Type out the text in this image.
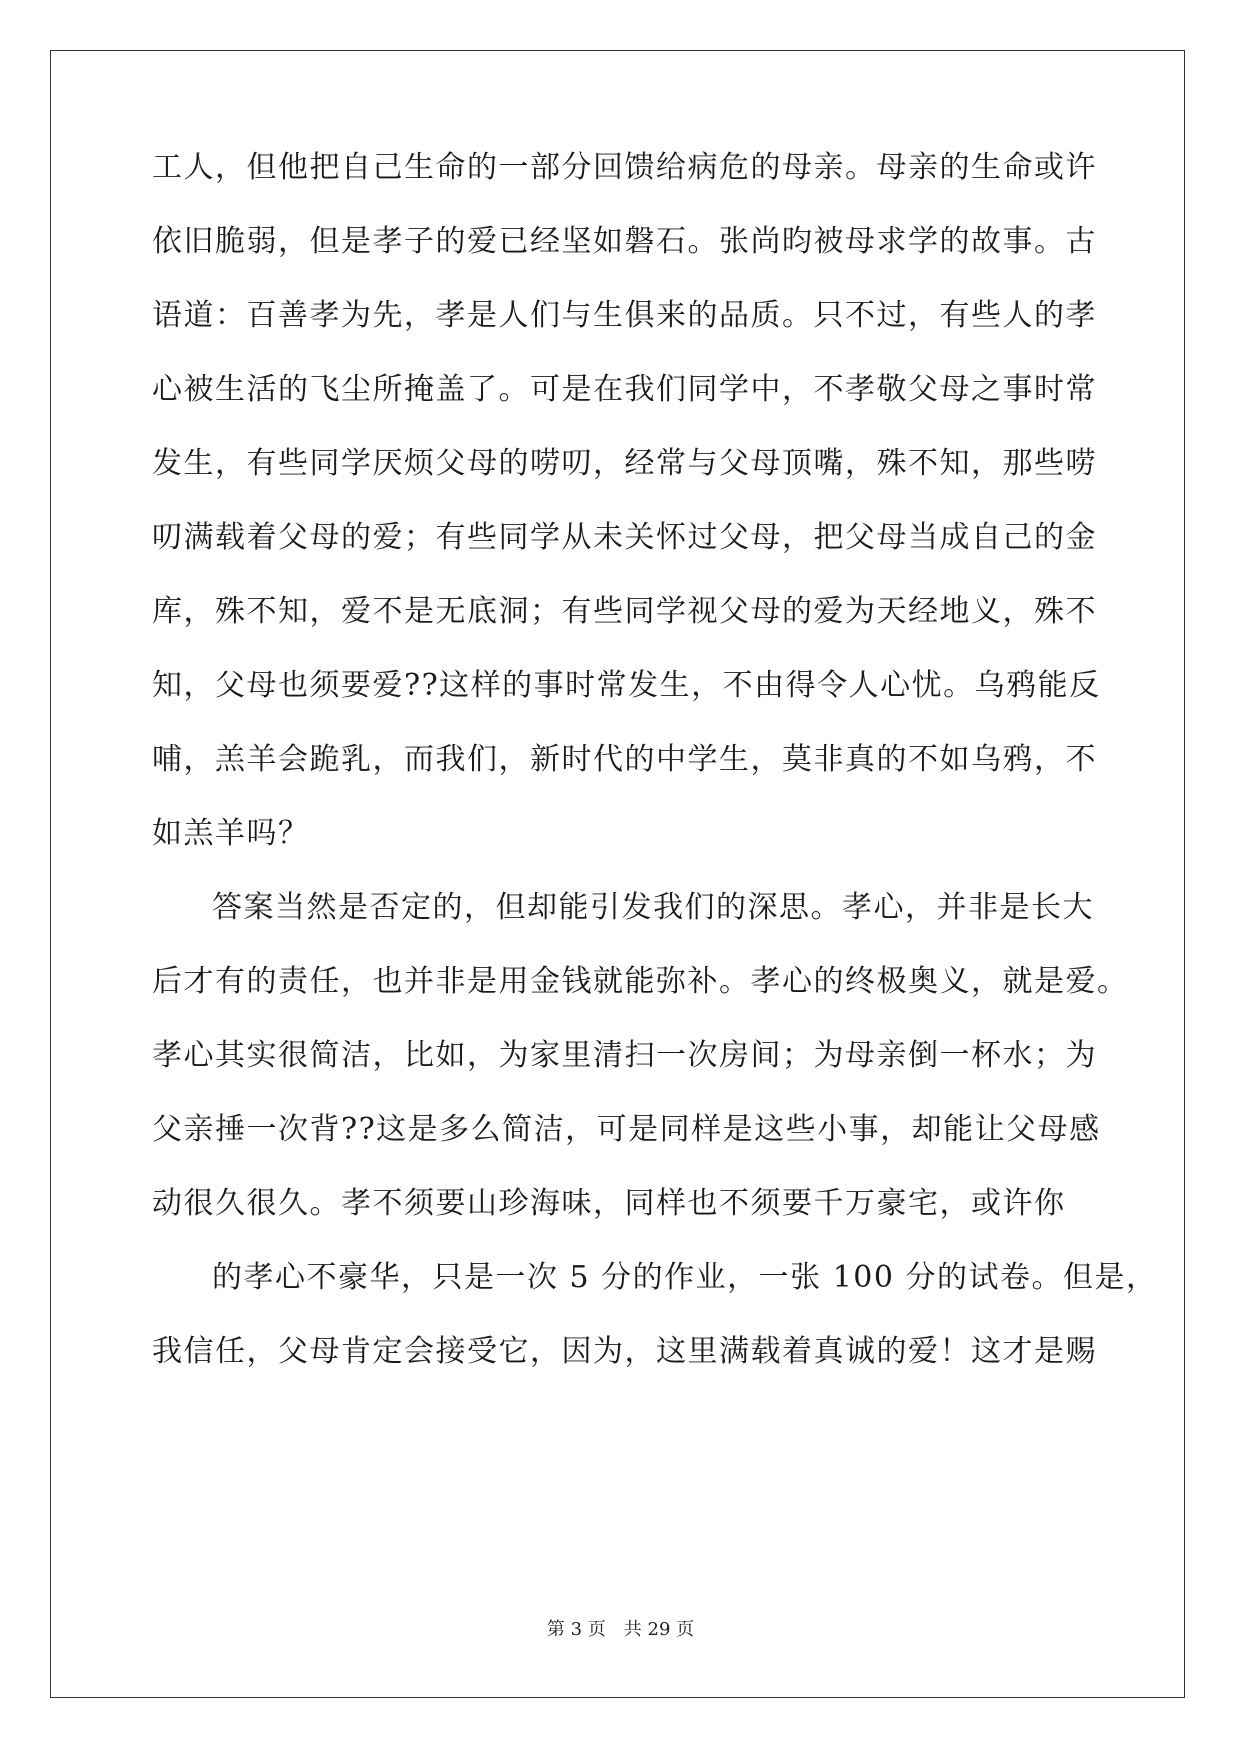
工人，但他把自己生命的一部分回馈给病危的母亲。母亲的生命或许
依旧脆弱，但是孝子的爱已经坚如磐石。张尚昀被母求学的故事。古
语道：百善孝为先，孝是人们与生俱来的品质。只不过，有些人的孝
心被生活的飞尘所掩盖了。可是在我们同学中，不孝敬父母之事时常
发生，有些同学厌烦父母的唠叨，经常与父母顶嘴，殊不知，那些唠
叨满载着父母的爱；有些同学从未关怀过父母，把父母当成自己的金
库，殊不知，爱不是无底洞；有些同学视父母的爱为天经地义，殊不
知，父母也须要爱??这样的事时常发生，不由得令人心忧。乌鸦能反
哺，羔羊会跪乳，而我们，新时代的中学生，莫非真的不如乌鸦，不
如羔羊吗？
答案当然是否定的，但却能引发我们的深思。孝心，并非是长大
后才有的责任，也并非是用金钱就能弥补。孝心的终极奥义，就是爱。
孝心其实很简洁，比如，为家里清扫一次房间；为母亲倒一杯水；为
父亲捶一次背??这是多么简洁，可是同样是这些小事，却能让父母感
动很久很久。孝不须要山珍海味，同样也不须要千万豪宅，或许你
的孝心不豪华，只是一次 5 分的作业，一张 100 分的试卷。但是，
我信任，父母肯定会接受它，因为，这里满载着真诚的爱！这才是赐
第 3 页　共 29 页
